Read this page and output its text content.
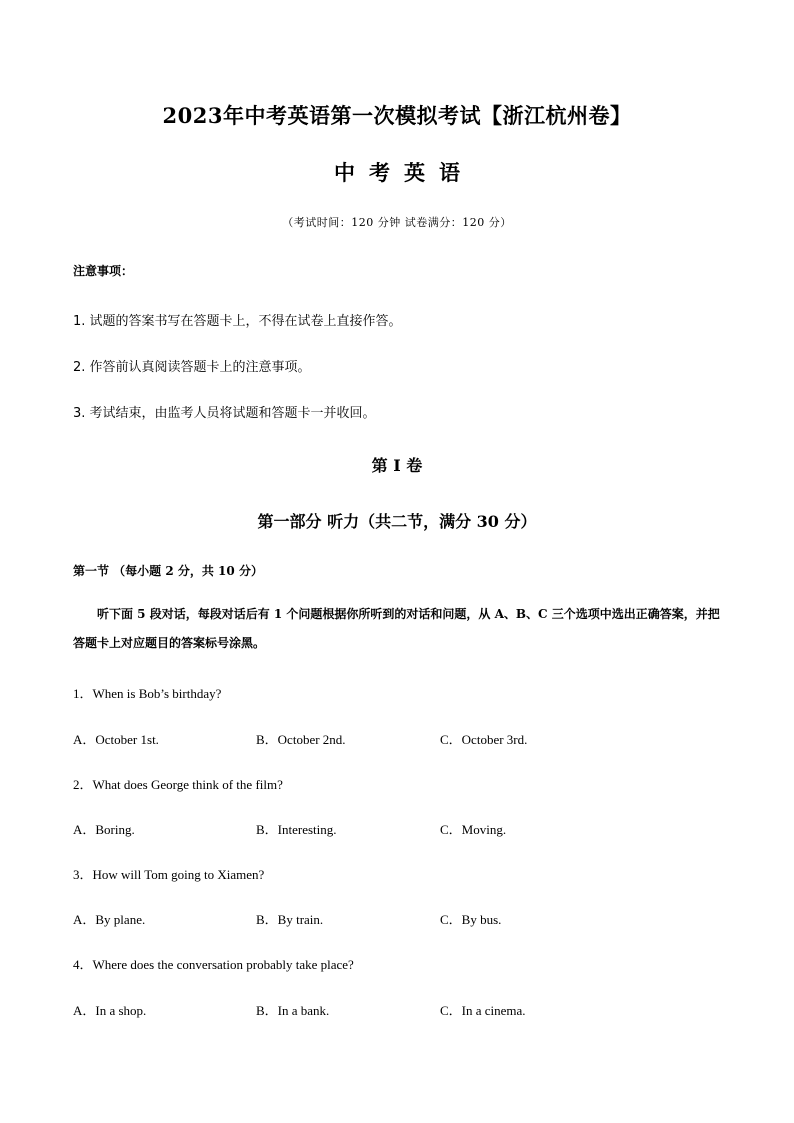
2023年中考英语第一次模拟考试【浙江杭州卷】
中考英语
（考试时间：120 分钟 试卷满分：120 分）
注意事项：
1. 试题的答案书写在答题卡上，不得在试卷上直接作答。
2. 作答前认真阅读答题卡上的注意事项。
3. 考试结束，由监考人员将试题和答题卡一并收回。
第 I 卷
第一部分 听力（共二节，满分 30 分）
第一节 （每小题 2 分，共 10 分）
听下面 5 段对话，每段对话后有 1 个问题根据你所听到的对话和问题，从 A、B、C 三个选项中选出正确答案，并把答题卡上对应题目的答案标号涂黑。
1．When is Bob’s birthday?
A．October 1st.	B．October 2nd.	C．October 3rd.
2．What does George think of the film?
A．Boring.	B．Interesting.	C．Moving.
3．How will Tom going to Xiamen?
A．By plane.	B．By train.	C．By bus.
4．Where does the conversation probably take place?
A．In a shop.	B．In a bank.	C．In a cinema.
